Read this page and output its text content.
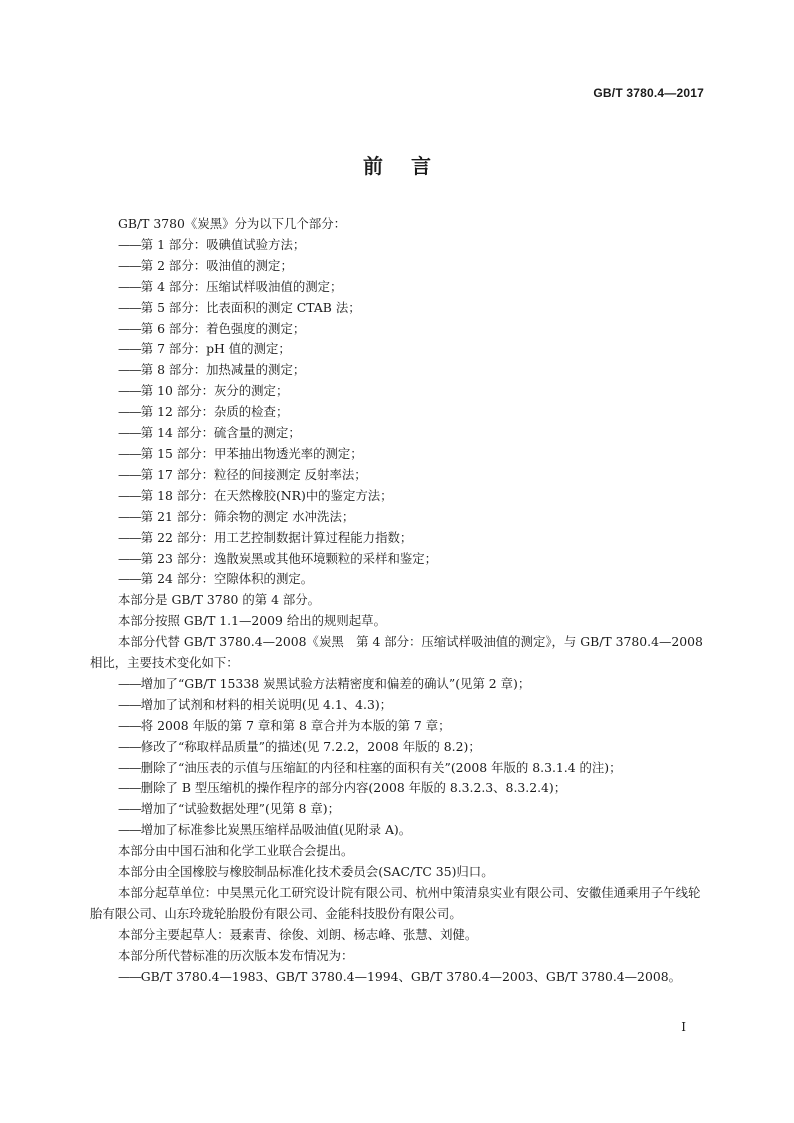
GB/T 3780.4—2017
前言

GB/T 3780《炭黑》分为以下几个部分：

—— 第 1 部分：吸碘值试验方法；

—— 第 2 部分：吸油值的测定；

—— 第 4 部分：压缩试样吸油值的测定；

—— 第 5 部分：比表面积的测定 CTAB 法；

—— 第 6 部分：着色强度的测定；

—— 第 7 部分：pH 值的测定；

—— 第 8 部分：加热减量的测定；

—— 第 10 部分：灰分的测定；

—— 第 12 部分：杂质的检查；

—— 第 14 部分：硫含量的测定；

—— 第 15 部分：甲苯抽出物透光率的测定；

—— 第 17 部分：粒径的间接测定 反射率法；

—— 第 18 部分：在天然橡胶(NR)中的鉴定方法；

—— 第 21 部分：筛余物的测定 水冲洗法；

—— 第 22 部分：用工艺控制数据计算过程能力指数；

—— 第 23 部分：逸散炭黑或其他环境颗粒的采样和鉴定；

—— 第 24 部分：空隙体积的测定。

本部分是 GB/T 3780 的第 4 部分。

本部分按照 GB/T 1.1—2009 给出的规则起草。

本部分代替 GB/T 3780.4—2008《炭黑　第 4 部分：压缩试样吸油值的测定》，与 GB/T 3780.4—2008 相比，主要技术变化如下：

—— 增加了“GB/T 15338 炭黑试验方法精密度和偏差的确认”(见第 2 章)；

—— 增加了试剂和材料的相关说明(见 4.1、4.3)；

—— 将 2008 年版的第 7 章和第 8 章合并为本版的第 7 章；

—— 修改了“称取样品质量”的描述(见 7.2.2，2008 年版的 8.2)；

—— 删除了“油压表的示值与压缩缸的内径和柱塞的面积有关”(2008 年版的 8.3.1.4 的注)；

—— 删除了 B 型压缩机的操作程序的部分内容(2008 年版的 8.3.2.3、8.3.2.4)；

—— 增加了“试验数据处理”(见第 8 章)；

—— 增加了标准参比炭黑压缩样品吸油值(见附录 A)。

本部分由中国石油和化学工业联合会提出。

本部分由全国橡胶与橡胶制品标准化技术委员会(SAC/TC 35)归口。

本部分起草单位：中昊黑元化工研究设计院有限公司、杭州中策清泉实业有限公司、安徽佳通乘用子午线轮胎有限公司、山东玲珑轮胎股份有限公司、金能科技股份有限公司。

本部分主要起草人：聂素青、徐俊、刘朗、杨志峰、张慧、刘健。

本部分所代替标准的历次版本发布情况为：

—— GB/T 3780.4—1983、GB/T 3780.4—1994、GB/T 3780.4—2003、GB/T 3780.4—2008。

I
